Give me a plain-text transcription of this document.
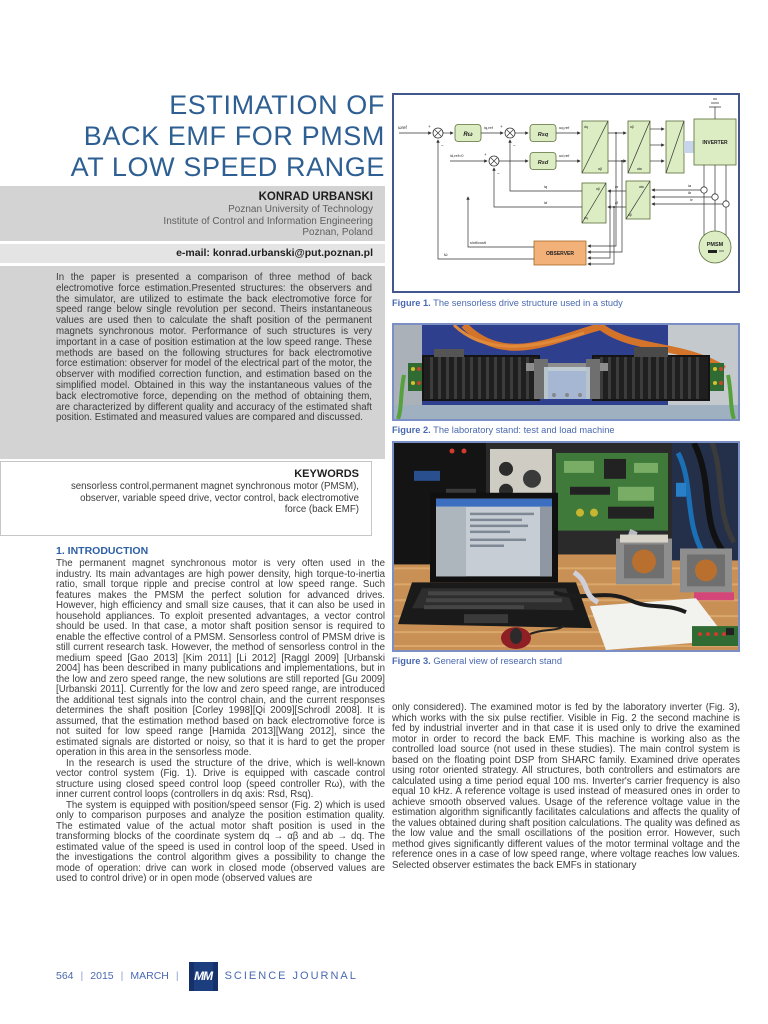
ESTIMATION OF
BACK EMF FOR PMSM
AT LOW SPEED RANGE
KONRAD URBANSKI
Poznan University of Technology
Institute of Control and Information Engineering
Poznan, Poland
e-mail: konrad.urbanski@put.poznan.pl
In the paper is presented a comparison of three method of back electromotive force estimation.Presented structures: the observers and the simulator, are utilized to estimate the back electromotive force for speed range below single revolution per second. Theirs instantaneous values are used then to calculate the shaft position of the permanent magnets synchronous motor. Performance of such structures is very important in a case of position estimation at the low speed range. These methods are based on the following structures for back electromotive force estimation: observer for model of the electrical part of the motor, the observer with modified correction function, and estimation based on the simplified model. Obtained in this way the instantaneous values of the back electromotive force, depending on the method of obtaining them, are characterized by different quality and accuracy of the estimated shaft position. Estimated and measured values are compared and discussed.
KEYWORDS
sensorless control,permanent magnet synchronous motor (PMSM), observer, variable speed drive, vector control, back electromotive force (back EMF)
1. INTRODUCTION

The permanent magnet synchronous motor is very often used in the industry. Its main advantages are high power density, high torque-to-inertia ratio, small torque ripple and precise control at low speed range. Such features makes the PMSM the perfect solution for advanced drives. However, high efficiency and small size causes, that it can also be used in household appliances. To exploit presented advantages, a vector control should be used. In that case, a motor shaft position sensor is required to enable the effective control of a PMSM. Sensorless control of PMSM drive is still current research task. However, the method of sensorless control in the medium speed [Gao 2013] [Kim 2011] [Li 2012] [Raggl 2009] [Urbanski 2004] has been described in many publications and implementations, but in the low and zero speed range, the new solutions are still reported [Gu 2009] [Urbanski 2011]. Currently for the low and zero speed range, are introduced the additional test signals into the control chain, and the current responses determines the shaft position [Corley 1998][Qi 2009][Schrodl 2008]. It is assumed, that the estimation method based on back electromotive force is not suited for low speed range [Hamida 2013][Wang 2012], since the estimated signals are distorted or noisy, so that it is hard to get the proper operation in this area in the sensorless mode.

In the research is used the structure of the drive, which is well-known vector control system (Fig. 1). Drive is equipped with cascade control structure using closed speed control loop (speed controller Rω), with the inner current control loops (controllers in dq axis: Rsd, Rsq).

The system is equipped with position/speed sensor (Fig. 2) which is used only to comparison purposes and analyze the position estimation quality. The estimated value of the actual motor shaft position is used in the transforming blocks of the coordinate system dq → αβ and ab → dq. The estimated value of the speed is used in control loop of the speed. Used in the investigations the control algorithm gives a possibility to change the mode of operation: drive can work in closed mode (observed values are used to control drive) or in open mode (observed values are

ωref	+
–
Rω
iq,ref +
–
Rsq
uq,ref
id,ref=0	+
–
Rsd
ud,ref
dq
αβ
αβ
abc
INVERTER
PMSM
ia
ib
ic
abc
αβ
iα
iβ
αβ
dq
iq
id
OBSERVER
sinθ/cosθ
ω
Figure 1. The sensorless drive structure used in a study
Figure 2. The laboratory stand: test and load machine
Figure 3. General view of research stand

only considered). The examined motor is fed by the laboratory inverter (Fig. 3), which works with the six pulse rectifier. Visible in Fig. 2 the second machine is fed by industrial inverter and in that case it is used only to drive the examined motor in order to record the back EMF. This machine is working also as the controlled load source (not used in these studies). The main control system is based on the floating point DSP from SHARC family. Examined drive operates using rotor oriented strategy. All structures, both controllers and estimators are calculated using a time period equal 100 ms. Inverter's carrier frequency is also equal 10 kHz. A reference voltage is used instead of measured ones in order to achieve smooth observed values. Usage of the reference voltage value in the estimation algorithm significantly facilitates calculations and affects the quality of the values obtained during shaft position calculations. The quality was defined as the low value and the small oscillations of the position error. However, such method gives significantly different values of the motor terminal voltage and the reference ones in a case of low speed range, where voltage reaches low values. Selected observer estimates the back EMFs in stationary

564 | 2015 | MARCH |	MM	SCIENCE JOURNAL
